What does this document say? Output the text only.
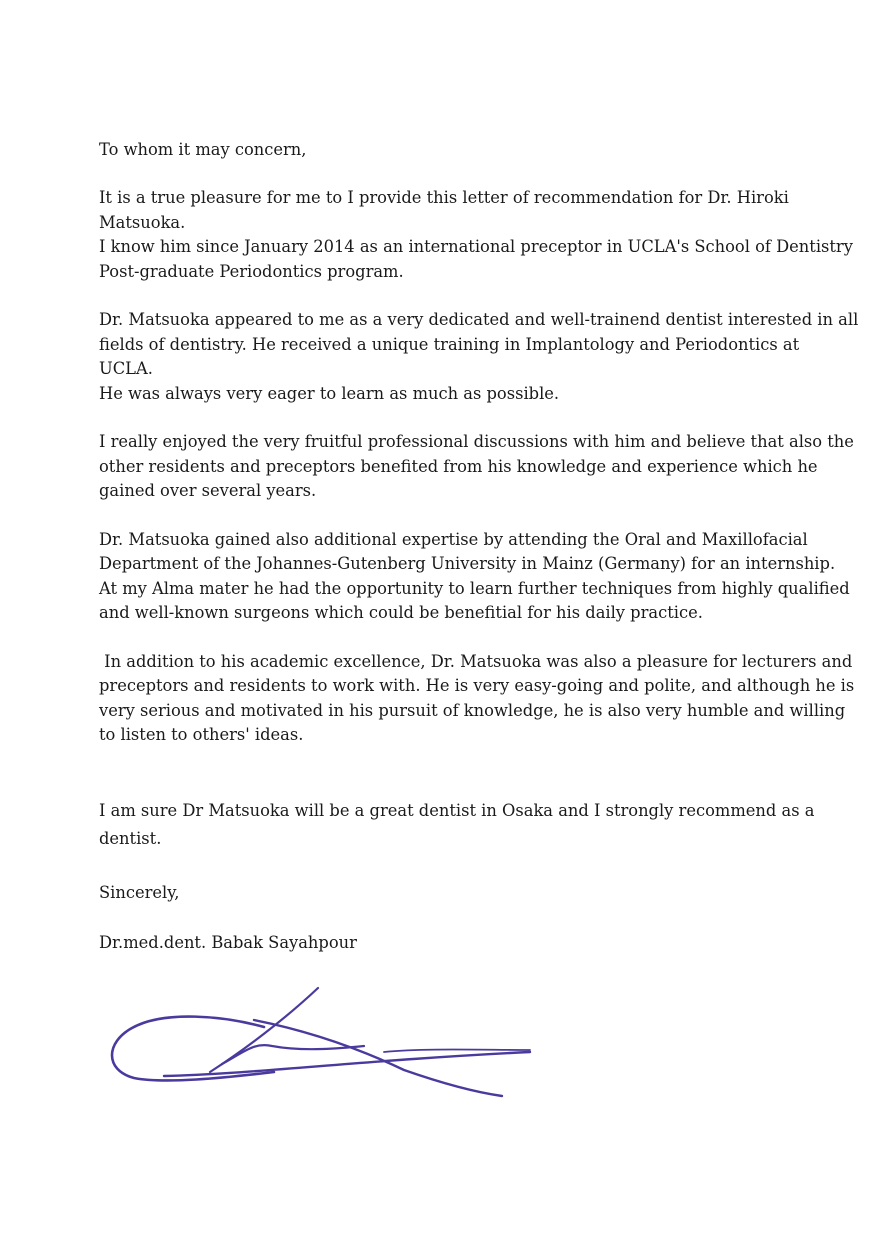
To whom it may concern,
It is a true pleasure for me to I provide this letter of recommendation for Dr. Hiroki
Matsuoka.
I know him since January 2014 as an international preceptor in UCLA's School of Dentistry
Post-graduate Periodontics program.
Dr. Matsuoka appeared to me as a very dedicated and well-trainend dentist interested in all
fields of dentistry. He received a unique training in Implantology and Periodontics at
UCLA.
He was always very eager to learn as much as possible.
I really enjoyed the very fruitful professional discussions with him and believe that also the
other residents and preceptors benefited from his knowledge and experience which he
gained over several years.
Dr. Matsuoka gained also additional expertise by attending the Oral and Maxillofacial
Department of the Johannes-Gutenberg University in Mainz (Germany) for an internship.
At my Alma mater he had the opportunity to learn further techniques from highly qualified
and well-known surgeons which could be benefitial for his daily practice.
In addition to his academic excellence, Dr. Matsuoka was also a pleasure for lecturers and
preceptors and residents to work with. He is very easy-going and polite, and although he is
very serious and motivated in his pursuit of knowledge, he is also very humble and willing
to listen to others' ideas.
I am sure Dr Matsuoka will be a great dentist in Osaka and I strongly recommend as a
dentist.
Sincerely,
Dr.med.dent. Babak Sayahpour
